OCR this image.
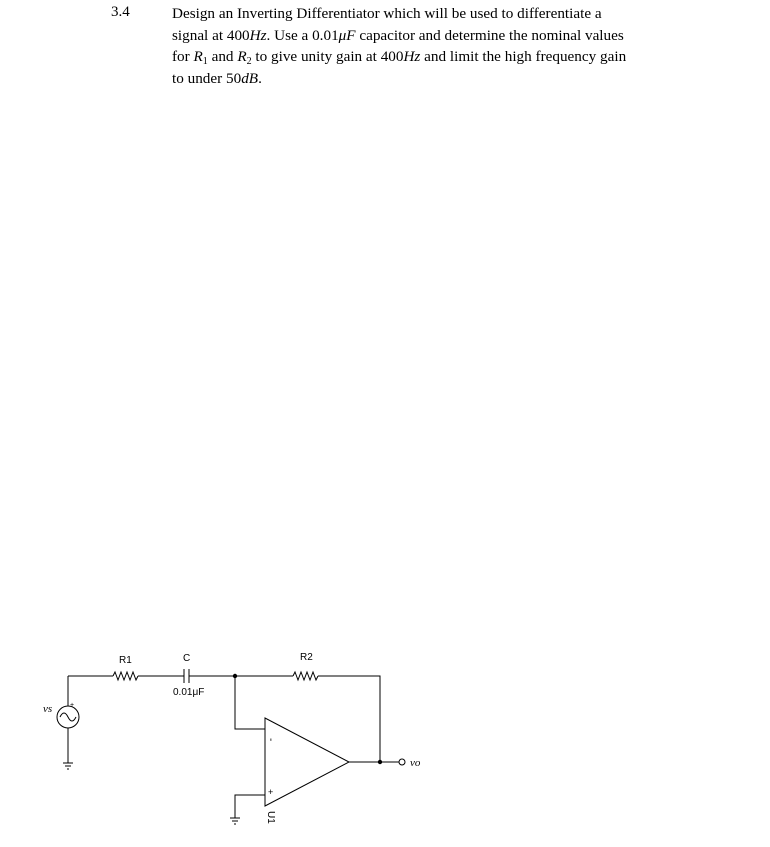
3.4	Design an Inverting Differentiator which will be used to differentiate a
signal at 400Hz. Use a 0.01μF capacitor and determine the nominal values
for $R_1$ and $R_2$ to give unity gain at 400Hz and limit the high frequency gain
to under 50dB.
+
vs
R1	C
0.01μF
R2
-
+
U1
vo
